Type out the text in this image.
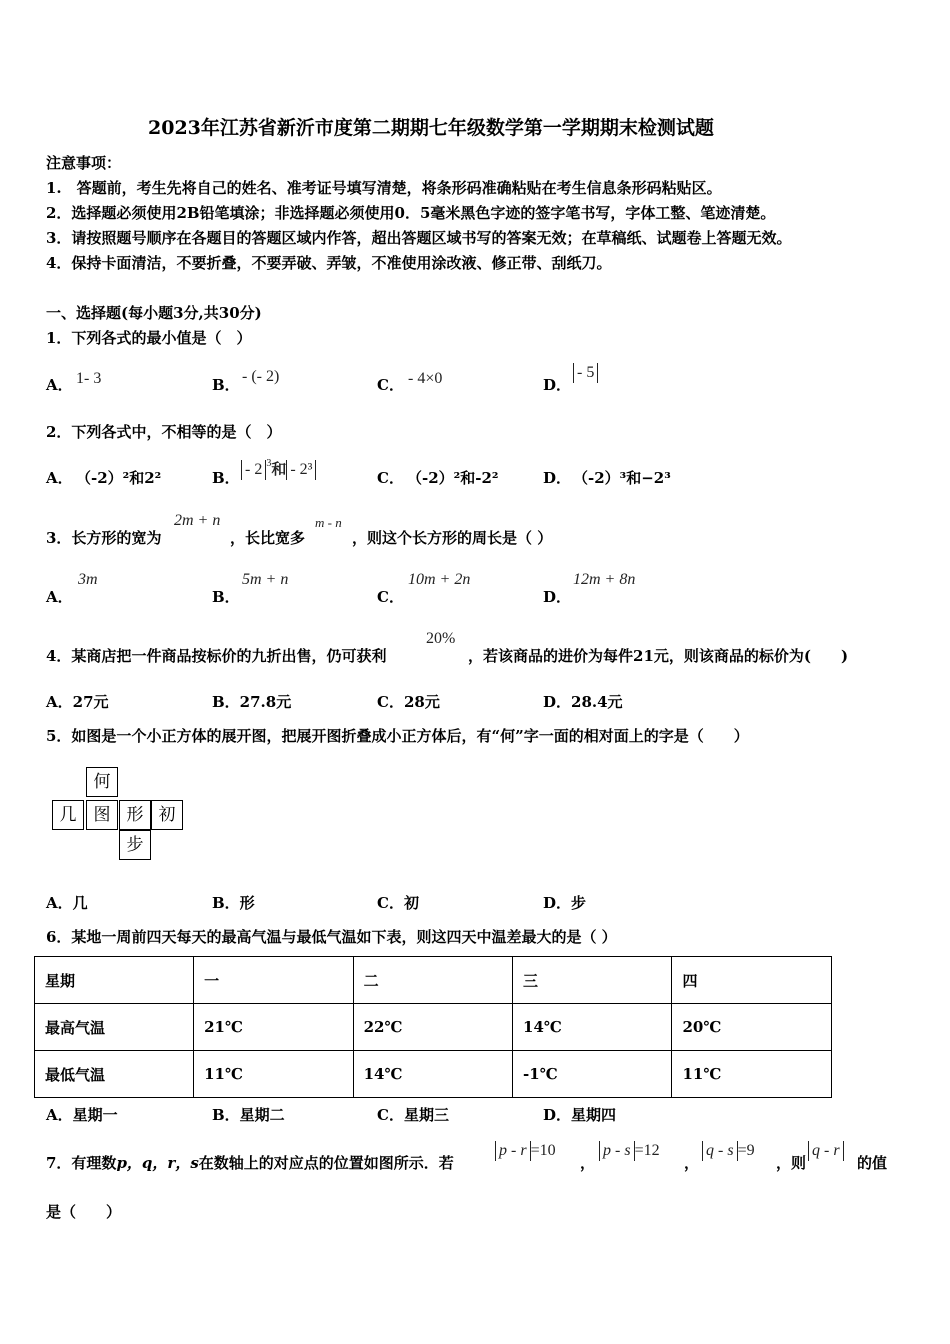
2023年江苏省新沂市度第二期期七年级数学第一学期期末检测试题
注意事项：
1.　答题前，考生先将自己的姓名、准考证号填写清楚，将条形码准确粘贴在考生信息条形码粘贴区。
2．选择题必须使用2B铅笔填涂；非选择题必须使用0．5毫米黑色字迹的签字笔书写，字体工整、笔迹清楚。
3．请按照题号顺序在各题目的答题区域内作答，超出答题区域书写的答案无效；在草稿纸、试题卷上答题无效。
4．保持卡面清洁，不要折叠，不要弄破、弄皱，不准使用涂改液、修正带、刮纸刀。
一、选择题(每小题3分,共30分)
1．下列各式的最小值是（　）
A． 1- 3	B． - (- 2)	C． - 4×0	D．
- 5
2．下列各式中，不相等的是（　）
A． （-2）²和2²	B． - 2 $^3$和 - 2³	C． （-2）²和-2²	D． （-2）³和−2³
3．长方形的宽为
2m + n
，长比宽多
m - n
，则这个长方形的周长是（ ）
A．
3m
B．
5m + n
C．
10m + 2n
D．
12m + 8n
4．某商店把一件商品按标价的九折出售，仍可获利
20%
，若该商品的进价为每件21元，则该商品的标价为(　　)
A．27元	B．27.8元	C．28元	D．28.4元
5．如图是一个小正方体的展开图，把展开图折叠成小正方体后，有“何”字一面的相对面上的字是（　　）
何
几	图 形 初
步
A．几	B．形	C．初	D．步
6．某地一周前四天每天的最高气温与最低气温如下表，则这四天中温差最大的是（ ）
星期	一	二	三	四
最高气温	21℃	22℃	14℃	20℃
最低气温	11℃	14℃	-1℃	11℃
A．星期一	B．星期二	C．星期三	D．星期四
7．有理数p，q，r，s在数轴上的对应点的位置如图所示．若
p - r =10
，
p - s =12
，
q - s =9
，则
q - r
的值
是（　　）
